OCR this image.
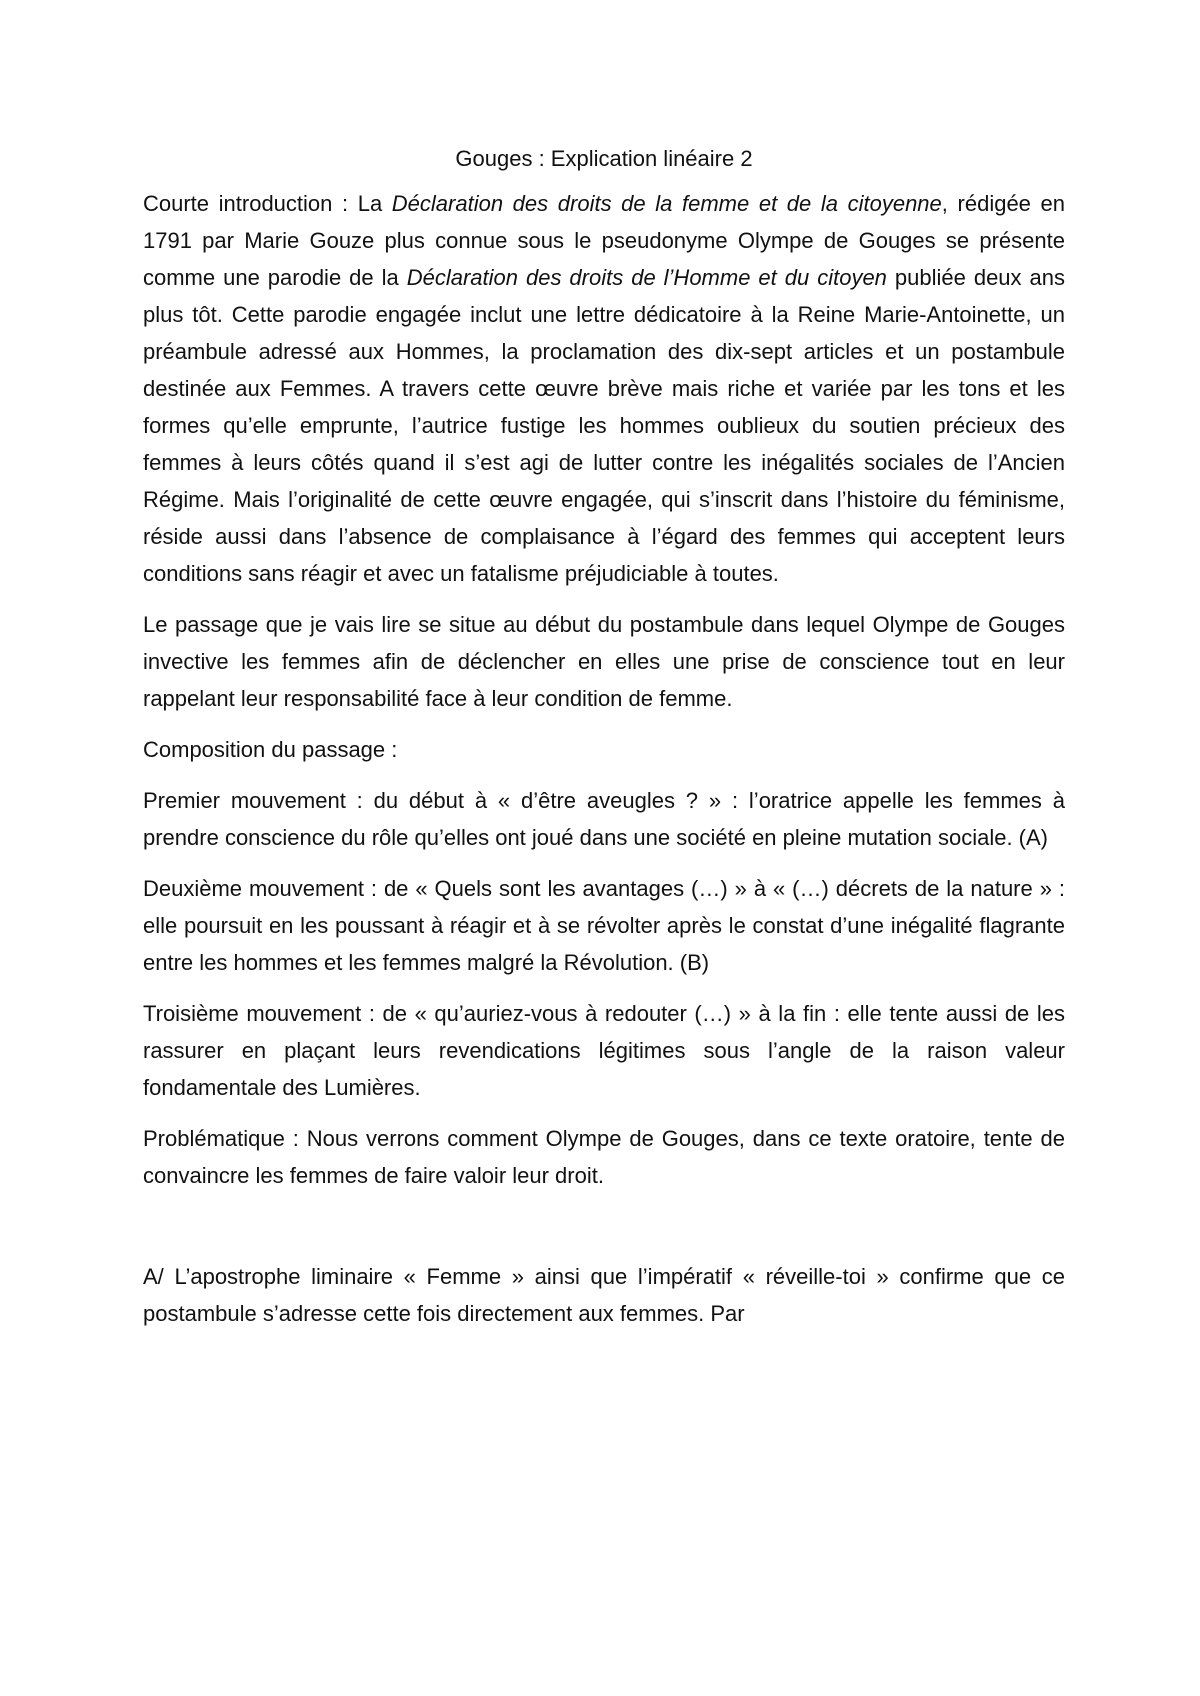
Gouges : Explication linéaire 2

Courte introduction : La Déclaration des droits de la femme et de la citoyenne, rédigée en 1791 par Marie Gouze plus connue sous le pseudonyme Olympe de Gouges se présente comme une parodie de la Déclaration des droits de l’Homme et du citoyen publiée deux ans plus tôt. Cette parodie engagée inclut une lettre dédicatoire à la Reine Marie-Antoinette, un préambule adressé aux Hommes, la proclamation des dix-sept articles et un postambule destinée aux Femmes. A travers cette œuvre brève mais riche et variée par les tons et les formes qu’elle emprunte, l’autrice fustige les hommes oublieux du soutien précieux des femmes à leurs côtés quand il s’est agi de lutter contre les inégalités sociales de l’Ancien Régime. Mais l’originalité de cette œuvre engagée, qui s’inscrit dans l’histoire du féminisme, réside aussi dans l’absence de complaisance à l’égard des femmes qui acceptent leurs conditions sans réagir et avec un fatalisme préjudiciable à toutes.

Le passage que je vais lire se situe au début du postambule dans lequel Olympe de Gouges invective les femmes afin de déclencher en elles une prise de conscience tout en leur rappelant leur responsabilité face à leur condition de femme.

Composition du passage :

Premier mouvement : du début à « d’être aveugles ? » : l’oratrice appelle les femmes à prendre conscience du rôle qu’elles ont joué dans une société en pleine mutation sociale. (A)

Deuxième mouvement : de « Quels sont les avantages (…) » à « (…) décrets de la nature » : elle poursuit en les poussant à réagir et à se révolter après le constat d’une inégalité flagrante entre les hommes et les femmes malgré la Révolution. (B)

Troisième mouvement : de « qu’auriez-vous à redouter (…) » à la fin : elle tente aussi de les rassurer en plaçant leurs revendications légitimes sous l’angle de la raison valeur fondamentale des Lumières.

Problématique : Nous verrons comment Olympe de Gouges, dans ce texte oratoire, tente de convaincre les femmes de faire valoir leur droit.

A/ L’apostrophe liminaire « Femme » ainsi que l’impératif « réveille-toi » confirme que ce postambule s’adresse cette fois directement aux femmes. Par
